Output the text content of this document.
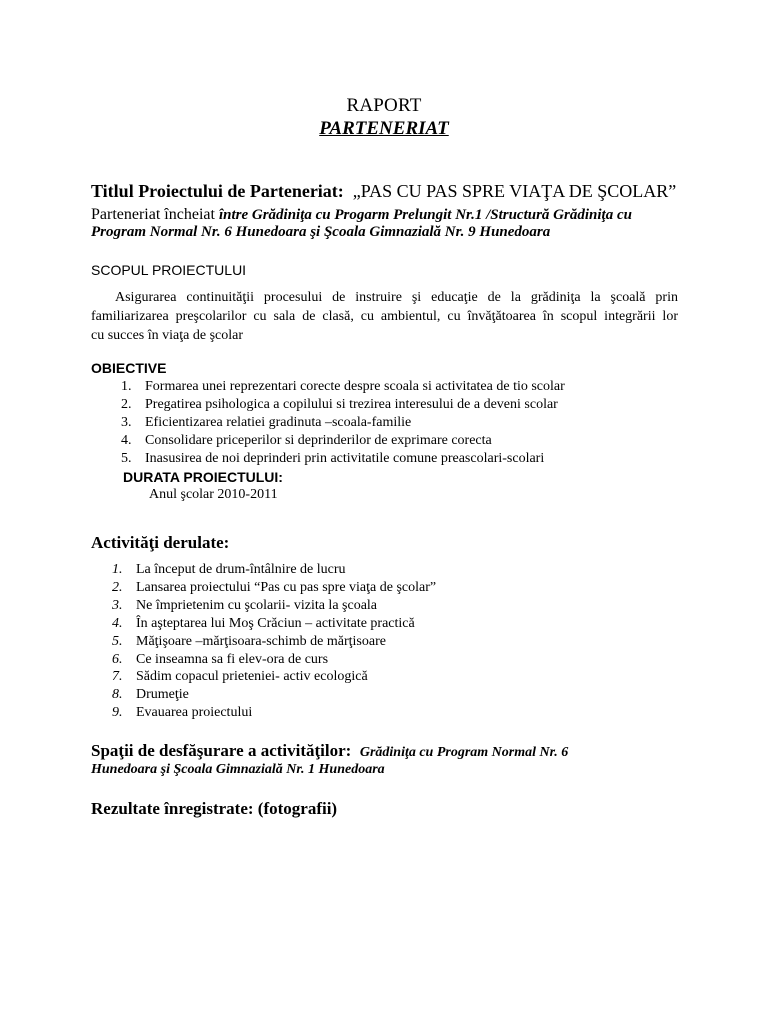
RAPORT
PARTENERIAT
Titlul Proiectului de Parteneriat: „PAS CU PAS SPRE VIAŢA DE ŞCOLAR”
Parteneriat încheiat între Grădiniţa cu Progarm Prelungit Nr.1 /Structură Grădiniţa cu
Program Normal Nr. 6 Hunedoara şi Şcoala Gimnazială Nr. 9 Hunedoara
SCOPUL PROIECTULUI
Asigurarea continuităţii procesului de instruire şi educaţie de la grădiniţa la şcoală prin
familiarizarea preşcolarilor cu sala de clasă, cu ambientul, cu învăţătoarea în scopul integrării lor
cu succes în viaţa de şcolar
OBIECTIVE
1. Formarea unei reprezentari corecte despre scoala si activitatea de tio scolar
2. Pregatirea psihologica a copilului si trezirea interesului de a deveni scolar
3. Eficientizarea relatiei gradinuta –scoala-familie
4. Consolidare priceperilor si deprinderilor de exprimare corecta
5. Inasusirea de noi deprinderi prin activitatile comune preascolari-scolari
DURATA PROIECTULUI:
Anul şcolar 2010-2011
Activităţi derulate:
1. La început de drum-întâlnire de lucru
2. Lansarea proiectului “Pas cu pas spre viaţa de şcolar”
3. Ne împrietenim cu şcolarii- vizita la şcoala
4. În aşteptarea lui Moş Crăciun – activitate practică
5. Măţişoare –mărţisoara-schimb de mărţisoare
6. Ce inseamna sa fi elev-ora de curs
7. Sădim copacul prieteniei- activ ecologică
8. Drumeţie
9. Evauarea proiectului
Spaţii de desfăşurare a activităţilor: Grădiniţa cu Program Normal Nr. 6
Hunedoara şi Şcoala Gimnazială Nr. 1 Hunedoara
Rezultate înregistrate: (fotografii)
